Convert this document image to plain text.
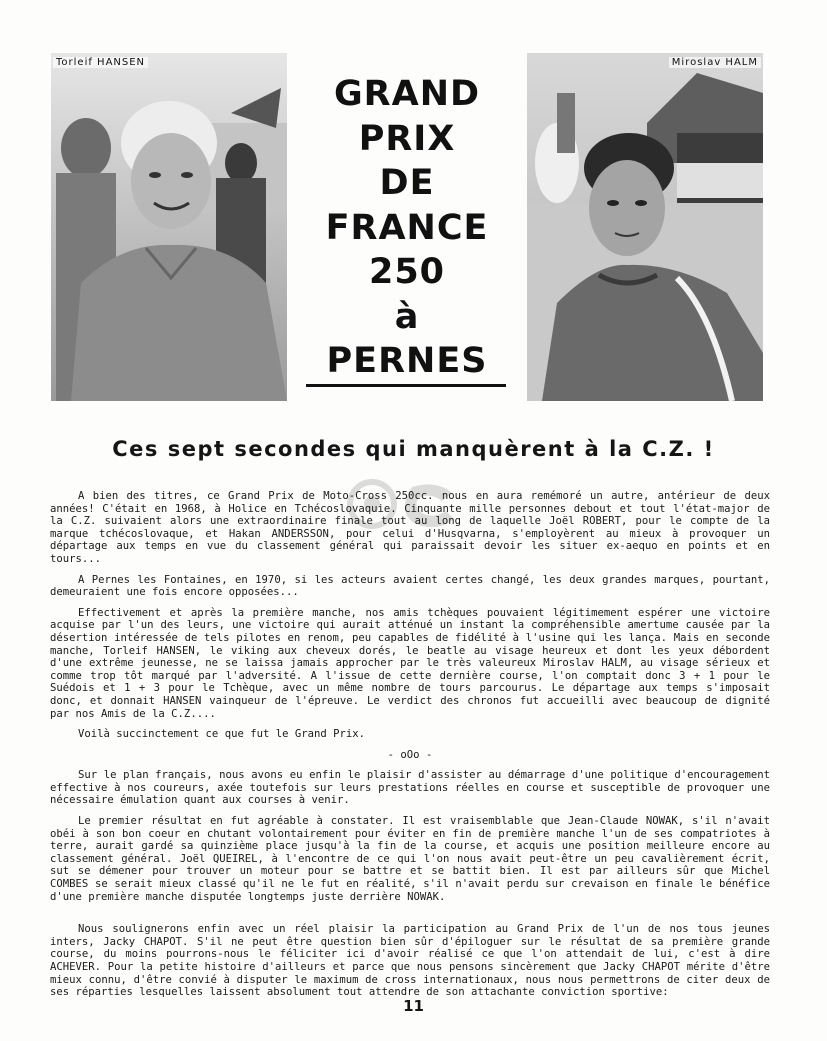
Torleif HANSEN	Miroslav HALM
GRAND
PRIX
DE
FRANCE
250
à
PERNES
Ces sept secondes qui manquèrent à la C.Z. !

A bien des titres, ce Grand Prix de Moto-Cross 250cc. nous en aura remémoré un autre, antérieur de deux années! C'était en 1968, à Holice en Tchécoslovaquie. Cinquante mille personnes debout et tout l'état-major de la C.Z. suivaient alors une extraordinaire finale tout au long de laquelle Joël ROBERT, pour le compte de la marque tchécoslovaque, et Hakan ANDERSSON, pour celui d'Husqvarna, s'employèrent au mieux à provoquer un départage aux temps en vue du classement général qui paraissait devoir les situer ex-aequo en points et en tours...

A Pernes les Fontaines, en 1970, si les acteurs avaient certes changé, les deux grandes marques, pourtant, demeuraient une fois encore opposées...

Effectivement et après la première manche, nos amis tchèques pouvaient légitimement espérer une victoire acquise par l'un des leurs, une victoire qui aurait atténué un instant la compréhensible amertume causée par la désertion intéressée de tels pilotes en renom, peu capables de fidélité à l'usine qui les lança. Mais en seconde manche, Torleif HANSEN, le viking aux cheveux dorés, le beatle au visage heureux et dont les yeux débordent d'une extrême jeunesse, ne se laissa jamais approcher par le très valeureux Miroslav HALM, au visage sérieux et comme trop tôt marqué par l'adversité. A l'issue de cette dernière course, l'on comptait donc 3 + 1 pour le Suédois et 1 + 3 pour le Tchèque, avec un même nombre de tours parcourus. Le départage aux temps s'imposait donc, et donnait HANSEN vainqueur de l'épreuve. Le verdict des chronos fut accueilli avec beaucoup de dignité par nos Amis de la C.Z....

Voilà succinctement ce que fut le Grand Prix.

- oOo -

Sur le plan français, nous avons eu enfin le plaisir d'assister au démarrage d'une politique d'encouragement effective à nos coureurs, axée toutefois sur leurs prestations réelles en course et susceptible de provoquer une nécessaire émulation quant aux courses à venir.

Le premier résultat en fut agréable à constater. Il est vraisemblable que Jean-Claude NOWAK, s'il n'avait obéi à son bon coeur en chutant volontairement pour éviter en fin de première manche l'un de ses compatriotes à terre, aurait gardé sa quinzième place jusqu'à la fin de la course, et acquis une position meilleure encore au classement général. Joël QUEIREL, à l'encontre de ce qui l'on nous avait peut-être un peu cavalièrement écrit, sut se démener pour trouver un moteur pour se battre et se battit bien. Il est par ailleurs sûr que Michel COMBES se serait mieux classé qu'il ne le fut en réalité, s'il n'avait perdu sur crevaison en finale le bénéfice d'une première manche disputée longtemps juste derrière NOWAK.

Nous soulignerons enfin avec un réel plaisir la participation au Grand Prix de l'un de nos tous jeunes inters, Jacky CHAPOT. S'il ne peut être question bien sûr d'épiloguer sur le résultat de sa première grande course, du moins pourrons-nous le féliciter ici d'avoir réalisé ce que l'on attendait de lui, c'est à dire ACHEVER. Pour la petite histoire d'ailleurs et parce que nous pensons sincèrement que Jacky CHAPOT mérite d'être mieux connu, d'être convié à disputer le maximum de cross internationaux, nous nous permettrons de citer deux de ses réparties lesquelles laissent absolument tout attendre de son attachante conviction sportive:

11
